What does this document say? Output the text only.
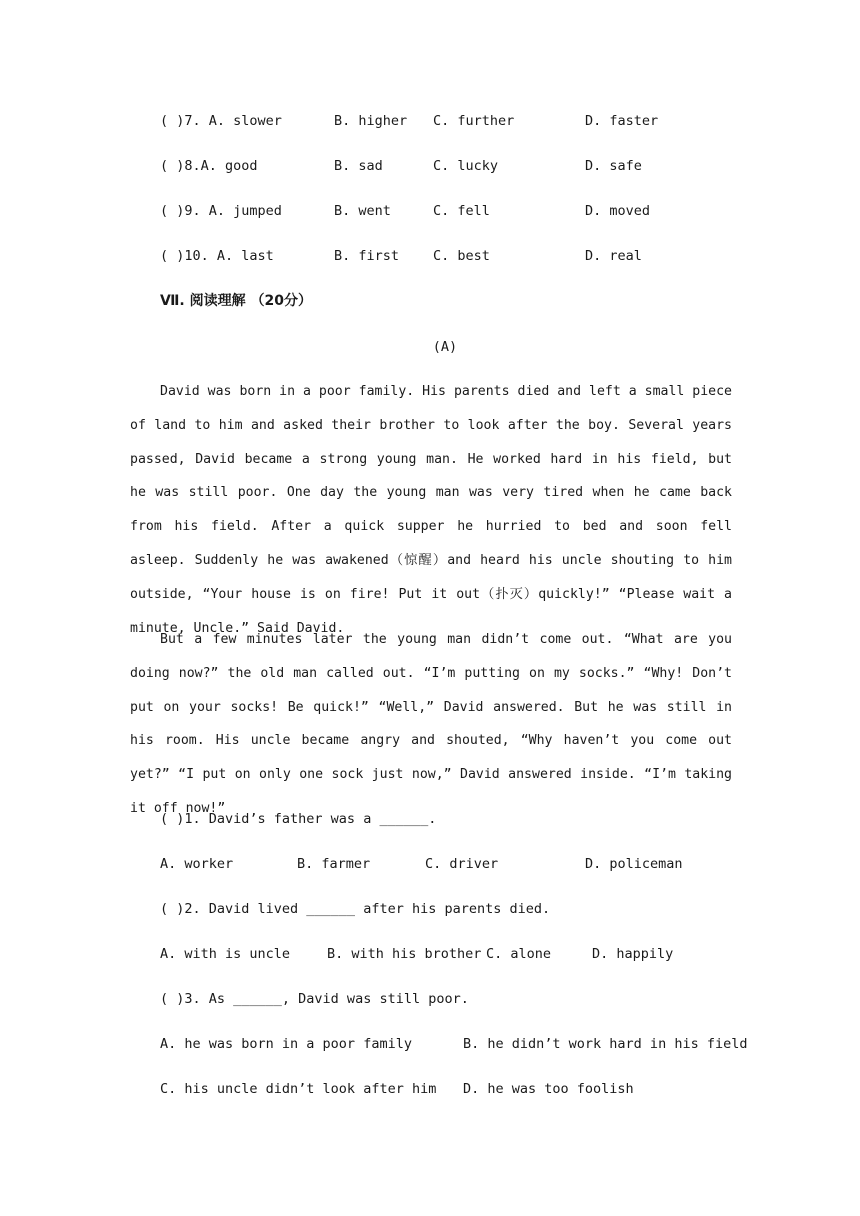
( )7. A. slower	B. higher C. further	D. faster
( )8.A. good	B. sad	C. lucky	D. safe
( )9. A. jumped	B. went	C. fell	D. moved
( )10. A. last	B. first	C. best	D. real
Ⅶ. 阅读理解 （20分）
(A)

David was born in a poor family. His parents died and left a small piece of land to him and asked their brother to look after the boy. Several years passed, David became a strong young man. He worked hard in his field, but he was still poor. One day the young man was very tired when he came back from his field. After a quick supper he hurried to bed and soon fell asleep. Suddenly he was awakened（惊醒）and heard his uncle shouting to him outside, “Your house is on fire! Put it out（扑灭）quickly!” “Please wait a minute, Uncle.” Said David.

But a few minutes later the young man didn’t come out. “What are you doing now?” the old man called out. “I’m putting on my socks.” “Why! Don’t put on your socks! Be quick!” “Well,” David answered. But he was still in his room. His uncle became angry and shouted, “Why haven’t you come out yet?” “I put on only one sock just now,” David answered inside. “I’m taking it off now!”

( )1. David’s father was a ______.
A. worker	B. farmer	C. driver	D. policeman
( )2. David lived ______ after his parents died.
A. with is uncle	B. with his brother C. alone	D. happily
( )3. As ______, David was still poor.
A. he was born in a poor family	B. he didn’t work hard in his field
C. his uncle didn’t look after him D. he was too foolish
